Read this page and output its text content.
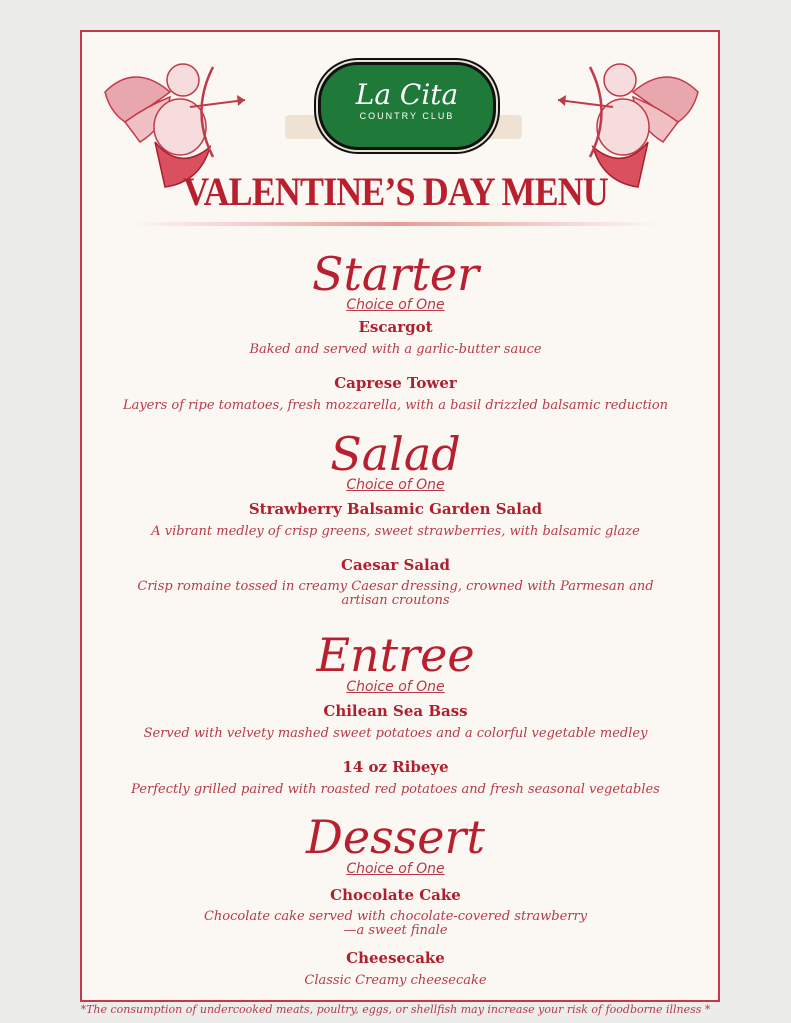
La Cita
COUNTRY CLUB
VALENTINE’S DAY MENU
Starter
Choice of One
Escargot
Baked and served with a garlic-butter sauce
Caprese Tower
Layers of ripe tomatoes, fresh mozzarella, with a basil drizzled balsamic reduction
Salad
Choice of One
Strawberry Balsamic Garden Salad
A vibrant medley of crisp greens, sweet strawberries, with balsamic glaze
Caesar Salad
Crisp romaine tossed in creamy Caesar dressing, crowned with Parmesan and
artisan croutons
Entree
Choice of One
Chilean Sea Bass
Served with velvety mashed sweet potatoes and a colorful vegetable medley
14 oz Ribeye
Perfectly grilled paired with roasted red potatoes and fresh seasonal vegetables
Dessert
Choice of One
Chocolate Cake
Chocolate cake served with chocolate-covered strawberry
—a sweet finale
Cheesecake
Classic Creamy cheesecake
*The consumption of undercooked meats, poultry, eggs, or shellfish may increase your risk of foodborne illness *
